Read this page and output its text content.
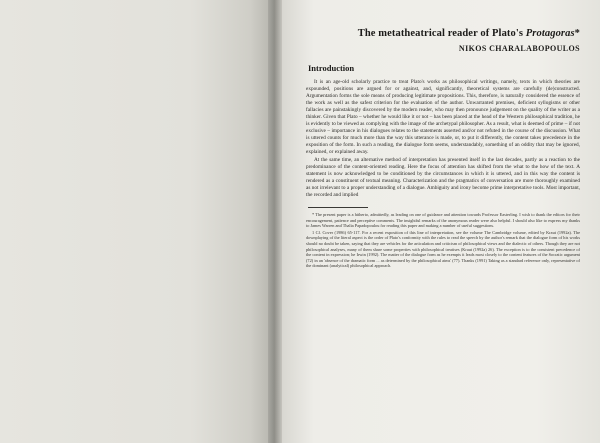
The metatheatrical reader of Plato's Protagoras*
NIKOS CHARALABOPOULOS
Introduction

It is an age-old scholarly practice to treat Plato's works as philosophical writings, namely, texts in which theories are expounded, positions are argued for or against, and, significantly, theoretical systems are carefully (de)constructed. Argumentation forms the sole means of producing legitimate propositions. This, therefore, is naturally considered the essence of the work as well as the safest criterion for the evaluation of the author. Unwarranted premises, deficient syllogisms or other fallacies are painstakingly discovered by the modern reader, who may then pronounce judgement on the quality of the writer as a thinker. Given that Plato – whether he would like it or not – has been placed at the head of the Western philosophical tradition, he is evidently to be viewed as complying with the image of the archetypal philosopher. As a result, what is deemed of prime – if not exclusive – importance in his dialogues relates to the statements asserted and/or not refuted in the course of the discussion. What is uttered counts for much more than the way this utterance is made, or, to put it differently, the content takes precedence in the exposition of the form. In such a reading, the dialogue form seems, understandably, something of an oddity that may be ignored, explained, or explained away.

At the same time, an alternative method of interpretation has presented itself in the last decades, partly as a reaction to the predominance of the content-oriented reading. Here the focus of attention has shifted from the what to the how of the text. A statement is now acknowledged to be conditioned by the circumstances in which it is uttered, and in this way the content is rendered as a constituent of textual meaning. Characterization and the pragmatics of conversation are more thoroughly examined as not irrelevant to a proper understanding of a dialogue. Ambiguity and irony become prime interpretative tools. Most important, the recorded and implied

* The present paper is a hitherto, admittedly, as leading on one of guidance and attention towards Professor Easterling. I wish to thank the editors for their encouragement, patience and perceptive comments. The insightful remarks of the anonymous reader were also helpful. I should also like to express my thanks to James Warren and Thalia Papadopoulou for reading this paper and making a number of useful suggestions.

1 Cf. Cover (1986) 65-117. For a recent exposition of this line of interpretation, see the volume The Cambridge volume, edited by Kraut (1992a). The downplaying of the literal aspect is the order of Plato's conformity with the rules to read the speech by the author's remark that the dialogue form of his works should no doubt be taken, saying that they are vehicles for the articulation and criticism of philosophical views and the dialectic of others. Though they are not philosophical analyses, many of them share some properties with philosophical treatises (Kraut (1992a) 26). The exception is to the consistent precedence of the content in expression; he Irwin (1992). The matter of the dialogue form as he exempts it leads most closely to the content features of the Socratic argument (72) in an 'absence of the dramatic form ... as determined by the philosophical aims' (77). Thanks (1991) Taking as a standard reference only, representative of the dominant (analytical) philosophical approach.
